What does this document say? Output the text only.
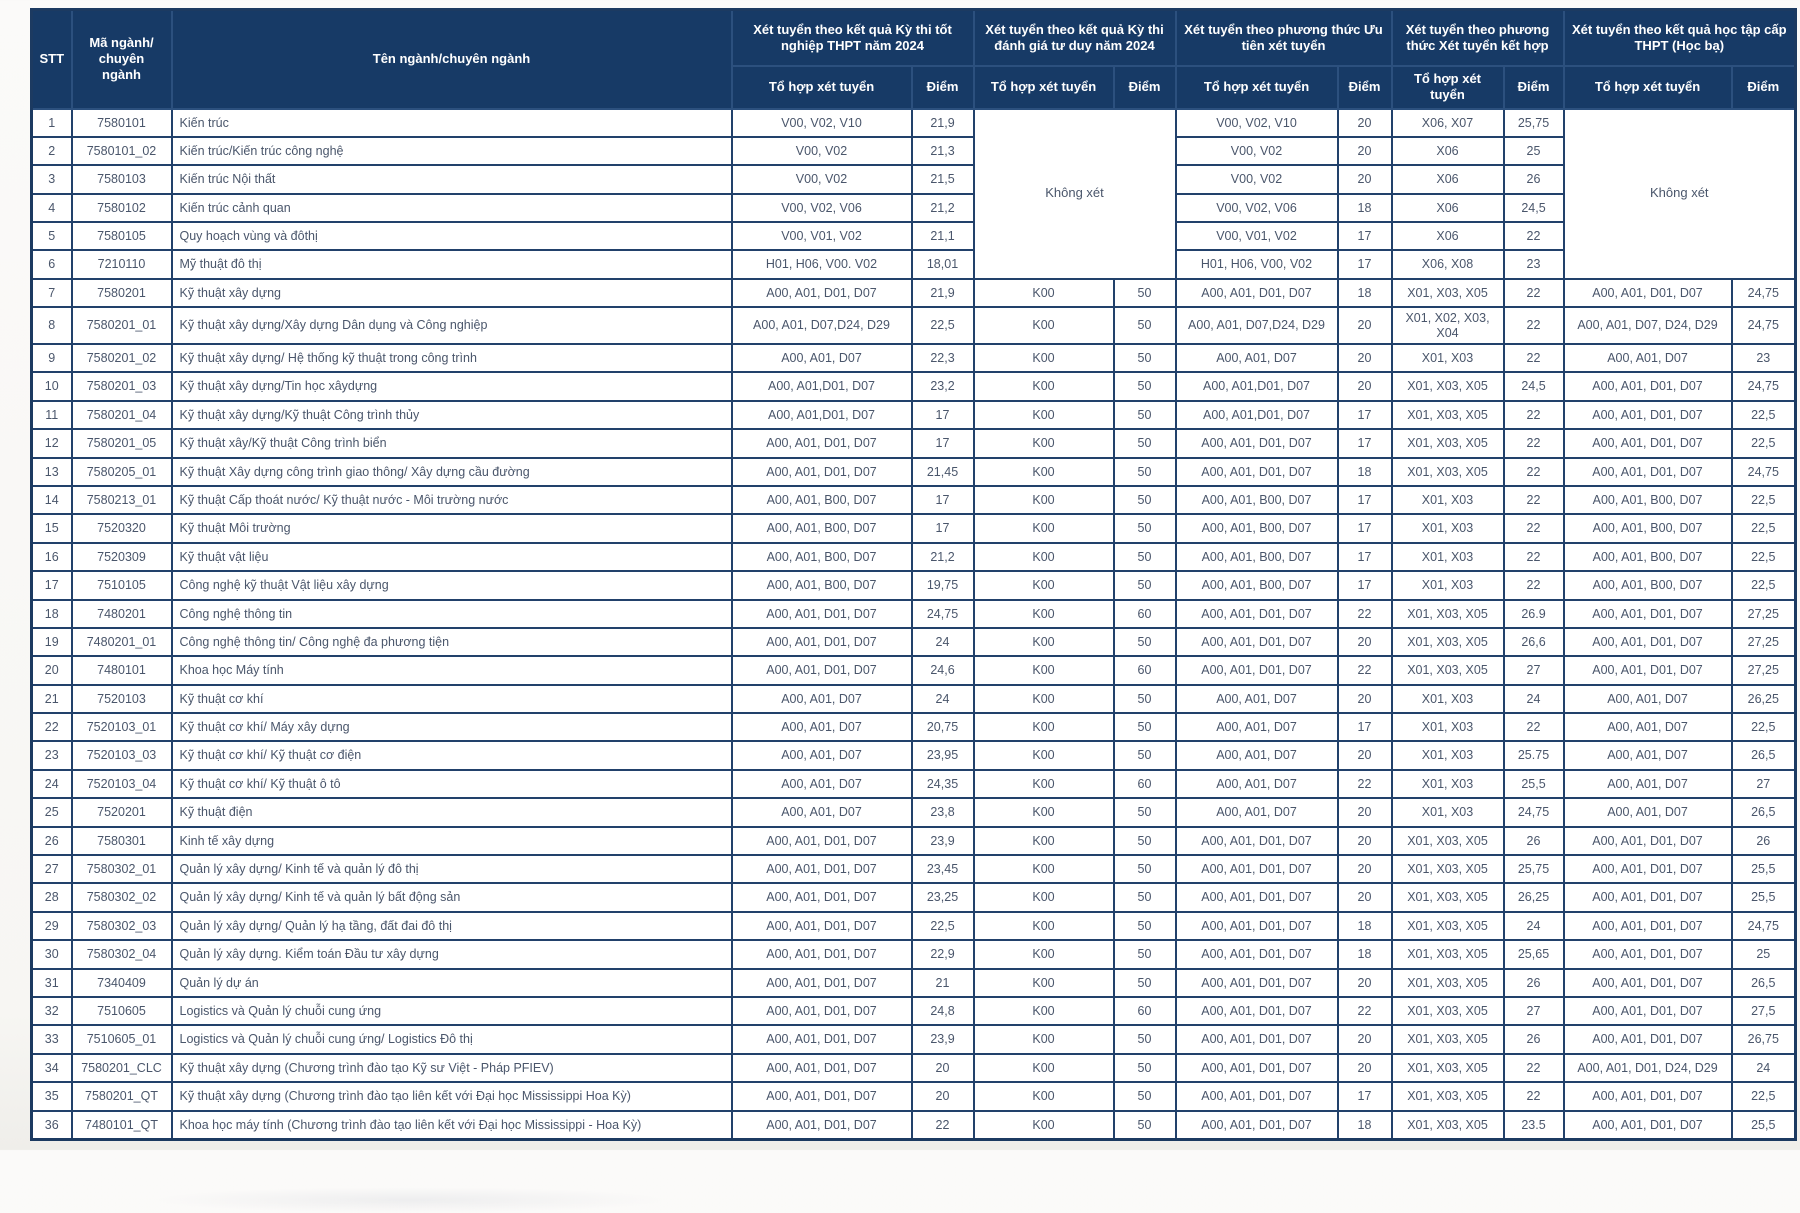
STT	Mã ngành/ chuyên ngành	Tên ngành/chuyên ngành	Xét tuyển theo kết quả Kỳ thi tốt nghiệp THPT năm 2024		Xét tuyển theo kết quả Kỳ thi đánh giá tư duy năm 2024		Xét tuyển theo phương thức Ưu tiên xét tuyển		Xét tuyển theo phương thức Xét tuyển kết hợp		Xét tuyển theo kết quả học tập cấp THPT (Học bạ)	
			Tổ hợp xét tuyển	Điểm	Tổ hợp xét tuyển	Điểm	Tổ hợp xét tuyển	Điểm	Tổ hợp xét tuyển	Điểm	Tổ hợp xét tuyển	Điểm
1	7580101	Kiến trúc	V00, V02, V10	21,9	Không xét		V00, V02, V10	20	X06, X07	25,75	Không xét	
2	7580101_02	Kiến trúc/Kiến trúc công nghệ	V00, V02	21,3			V00, V02	20	X06	25		
3	7580103	Kiến trúc Nội thất	V00, V02	21,5			V00, V02	20	X06	26		
4	7580102	Kiến trúc cảnh quan	V00, V02, V06	21,2			V00, V02, V06	18	X06	24,5		
5	7580105	Quy hoạch vùng và đôthị	V00, V01, V02	21,1			V00, V01, V02	17	X06	22		
6	7210110	Mỹ thuật đô thị	H01, H06, V00. V02	18,01			H01, H06, V00, V02	17	X06, X08	23		
7	7580201	Kỹ thuật xây dựng	A00, A01, D01, D07	21,9	K00	50	A00, A01, D01, D07	18	X01, X03, X05	22	A00, A01, D01, D07	24,75
8	7580201_01	Kỹ thuật xây dựng/Xây dựng Dân dụng và Công nghiệp	A00, A01, D07,D24, D29	22,5	K00	50	A00, A01, D07,D24, D29	20	X01, X02, X03, X04	22	A00, A01, D07, D24, D29	24,75
9	7580201_02	Kỹ thuật xây dựng/ Hệ thống kỹ thuật trong công trình	A00, A01, D07	22,3	K00	50	A00, A01, D07	20	X01, X03	22	A00, A01, D07	23
10	7580201_03	Kỹ thuật xây dựng/Tin học xâydựng	A00, A01,D01, D07	23,2	K00	50	A00, A01,D01, D07	20	X01, X03, X05	24,5	A00, A01, D01, D07	24,75
11	7580201_04	Kỹ thuật xây dựng/Kỹ thuật Công trình thủy	A00, A01,D01, D07	17	K00	50	A00, A01,D01, D07	17	X01, X03, X05	22	A00, A01, D01, D07	22,5
12	7580201_05	Kỹ thuật xây/Kỹ thuật Công trình biển	A00, A01, D01, D07	17	K00	50	A00, A01, D01, D07	17	X01, X03, X05	22	A00, A01, D01, D07	22,5
13	7580205_01	Kỹ thuật Xây dựng công trình giao thông/ Xây dựng cầu đường	A00, A01, D01, D07	21,45	K00	50	A00, A01, D01, D07	18	X01, X03, X05	22	A00, A01, D01, D07	24,75
14	7580213_01	Kỹ thuật Cấp thoát nước/ Kỹ thuật nước - Môi trường nước	A00, A01, B00, D07	17	K00	50	A00, A01, B00, D07	17	X01, X03	22	A00, A01, B00, D07	22,5
15	7520320	Kỹ thuật Môi trường	A00, A01, B00, D07	17	K00	50	A00, A01, B00, D07	17	X01, X03	22	A00, A01, B00, D07	22,5
16	7520309	Kỹ thuật vật liệu	A00, A01, B00, D07	21,2	K00	50	A00, A01, B00, D07	17	X01, X03	22	A00, A01, B00, D07	22,5
17	7510105	Công nghệ kỹ thuật Vật liệu xây dựng	A00, A01, B00, D07	19,75	K00	50	A00, A01, B00, D07	17	X01, X03	22	A00, A01, B00, D07	22,5
18	7480201	Công nghệ thông tin	A00, A01, D01, D07	24,75	K00	60	A00, A01, D01, D07	22	X01, X03, X05	26.9	A00, A01, D01, D07	27,25
19	7480201_01	Công nghệ thông tin/ Công nghệ đa phương tiện	A00, A01, D01, D07	24	K00	50	A00, A01, D01, D07	20	X01, X03, X05	26,6	A00, A01, D01, D07	27,25
20	7480101	Khoa học Máy tính	A00, A01, D01, D07	24,6	K00	60	A00, A01, D01, D07	22	X01, X03, X05	27	A00, A01, D01, D07	27,25
21	7520103	Kỹ thuật cơ khí	A00, A01, D07	24	K00	50	A00, A01, D07	20	X01, X03	24	A00, A01, D07	26,25
22	7520103_01	Kỹ thuật cơ khí/ Máy xây dựng	A00, A01, D07	20,75	K00	50	A00, A01, D07	17	X01, X03	22	A00, A01, D07	22,5
23	7520103_03	Kỹ thuật cơ khí/ Kỹ thuật cơ điện	A00, A01, D07	23,95	K00	50	A00, A01, D07	20	X01, X03	25.75	A00, A01, D07	26,5
24	7520103_04	Kỹ thuật cơ khí/ Kỹ thuật ô tô	A00, A01, D07	24,35	K00	60	A00, A01, D07	22	X01, X03	25,5	A00, A01, D07	27
25	7520201	Kỹ thuật điện	A00, A01, D07	23,8	K00	50	A00, A01, D07	20	X01, X03	24,75	A00, A01, D07	26,5
26	7580301	Kinh tế xây dựng	A00, A01, D01, D07	23,9	K00	50	A00, A01, D01, D07	20	X01, X03, X05	26	A00, A01, D01, D07	26
27	7580302_01	Quản lý xây dựng/ Kinh tế và quản lý đô thị	A00, A01, D01, D07	23,45	K00	50	A00, A01, D01, D07	20	X01, X03, X05	25,75	A00, A01, D01, D07	25,5
28	7580302_02	Quản lý xây dựng/ Kinh tế và quản lý bất động sản	A00, A01, D01, D07	23,25	K00	50	A00, A01, D01, D07	20	X01, X03, X05	26,25	A00, A01, D01, D07	25,5
29	7580302_03	Quản lý xây dựng/ Quản lý hạ tầng, đất đai đô thị	A00, A01, D01, D07	22,5	K00	50	A00, A01, D01, D07	18	X01, X03, X05	24	A00, A01, D01, D07	24,75
30	7580302_04	Quản lý xây dựng. Kiểm toán Đầu tư xây dựng	A00, A01, D01, D07	22,9	K00	50	A00, A01, D01, D07	18	X01, X03, X05	25,65	A00, A01, D01, D07	25
31	7340409	Quản lý dự án	A00, A01, D01, D07	21	K00	50	A00, A01, D01, D07	20	X01, X03, X05	26	A00, A01, D01, D07	26,5
32	7510605	Logistics và Quản lý chuỗi cung ứng	A00, A01, D01, D07	24,8	K00	60	A00, A01, D01, D07	22	X01, X03, X05	27	A00, A01, D01, D07	27,5
33	7510605_01	Logistics và Quản lý chuỗi cung ứng/ Logistics Đô thị	A00, A01, D01, D07	23,9	K00	50	A00, A01, D01, D07	20	X01, X03, X05	26	A00, A01, D01, D07	26,75
34	7580201_CLC	Kỹ thuật xây dựng (Chương trình đào tạo Kỹ sư Việt - Pháp PFIEV)	A00, A01, D01, D07	20	K00	50	A00, A01, D01, D07	20	X01, X03, X05	22	A00, A01, D01, D24, D29	24
35	7580201_QT	Kỹ thuật xây dựng (Chương trình đào tạo liên kết với Đại học Mississippi Hoa Kỳ)	A00, A01, D01, D07	20	K00	50	A00, A01, D01, D07	17	X01, X03, X05	22	A00, A01, D01, D07	22,5
36	7480101_QT	Khoa học máy tính (Chương trình đào tạo liên kết với Đại học Mississippi - Hoa Kỳ)	A00, A01, D01, D07	22	K00	50	A00, A01, D01, D07	18	X01, X03, X05	23.5	A00, A01, D01, D07	25,5
